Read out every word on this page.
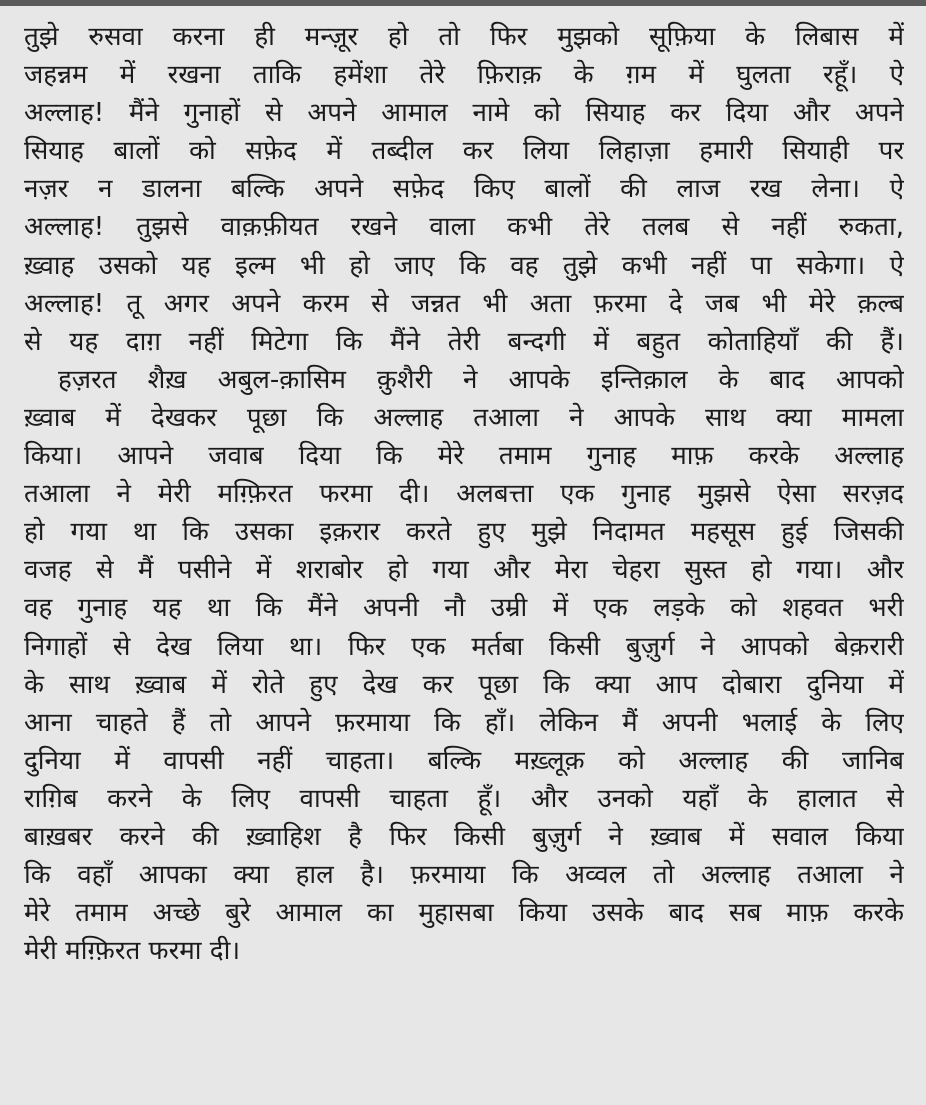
तुझे रुसवा करना ही मन्ज़ूर हो तो फिर मुझको सूफ़िया के लिबास में
जहन्नम में रखना ताकि हमेंशा तेरे फ़िराक़ के ग़म में घुलता रहूँ। ऐ
अल्लाह! मैंने गुनाहों से अपने आमाल नामे को सियाह कर दिया और अपने
सियाह बालों को सफ़ेद में तब्दील कर लिया लिहाज़ा हमारी सियाही पर
नज़र न डालना बल्कि अपने सफ़ेद किए बालों की लाज रख लेना। ऐ
अल्लाह! तुझसे वाक़फ़ीयत रखने वाला कभी तेरे तलब से नहीं रुकता,
ख़्वाह उसको यह इल्म भी हो जाए कि वह तुझे कभी नहीं पा सकेगा। ऐ
अल्लाह! तू अगर अपने करम से जन्नत भी अता फ़रमा दे जब भी मेरे क़ल्ब
से यह दाग़ नहीं मिटेगा कि मैंने तेरी बन्दगी में बहुत कोताहियाँ की हैं।
हज़रत शैख़ अबुल-क़ासिम क़ुशैरी ने आपके इन्तिक़ाल के बाद आपको
ख़्वाब में देखकर पूछा कि अल्लाह तआला ने आपके साथ क्या मामला
किया। आपने जवाब दिया कि मेरे तमाम गुनाह माफ़ करके अल्लाह
तआला ने मेरी मग़्फ़िरत फरमा दी। अलबत्ता एक गुनाह मुझसे ऐसा सरज़द
हो गया था कि उसका इक़रार करते हुए मुझे निदामत महसूस हुई जिसकी
वजह से मैं पसीने में शराबोर हो गया और मेरा चेहरा सुस्त हो गया। और
वह गुनाह यह था कि मैंने अपनी नौ उम्री में एक लड़के को शहवत भरी
निगाहों से देख लिया था। फिर एक मर्तबा किसी बुज़ुर्ग ने आपको बेक़रारी
के साथ ख़्वाब में रोते हुए देख कर पूछा कि क्या आप दोबारा दुनिया में
आना चाहते हैं तो आपने फ़रमाया कि हाँ। लेकिन मैं अपनी भलाई के लिए
दुनिया में वापसी नहीं चाहता। बल्कि मख़्लूक़ को अल्लाह की जानिब
राग़िब करने के लिए वापसी चाहता हूँ। और उनको यहाँ के हालात से
बाख़बर करने की ख़्वाहिश है फिर किसी बुज़ुर्ग ने ख़्वाब में सवाल किया
कि वहाँ आपका क्या हाल है। फ़रमाया कि अव्वल तो अल्लाह तआला ने
मेरे तमाम अच्छे बुरे आमाल का मुहासबा किया उसके बाद सब माफ़ करके
मेरी मग़्फ़िरत फरमा दी।
